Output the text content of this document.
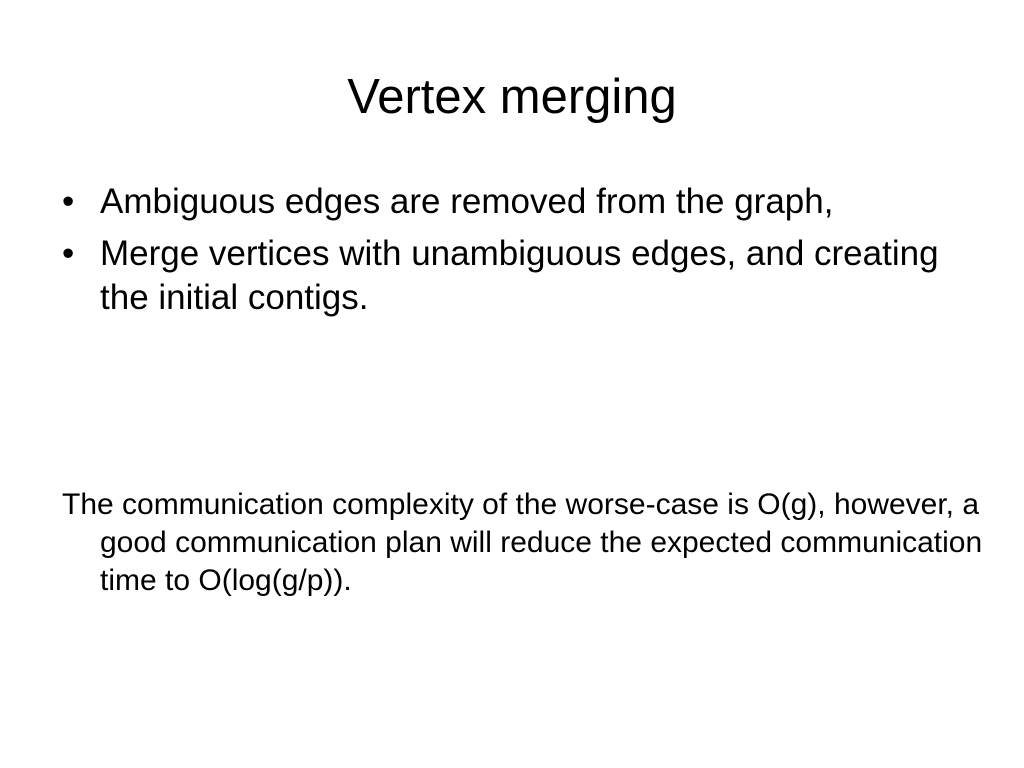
Vertex merging
• Ambiguous edges are removed from the graph,
• Merge vertices with unambiguous edges, and creating the initial contigs.

The communication complexity of the worse-case is O(g), however, a good communication plan will reduce the expected communication time to O(log(g/p)).
